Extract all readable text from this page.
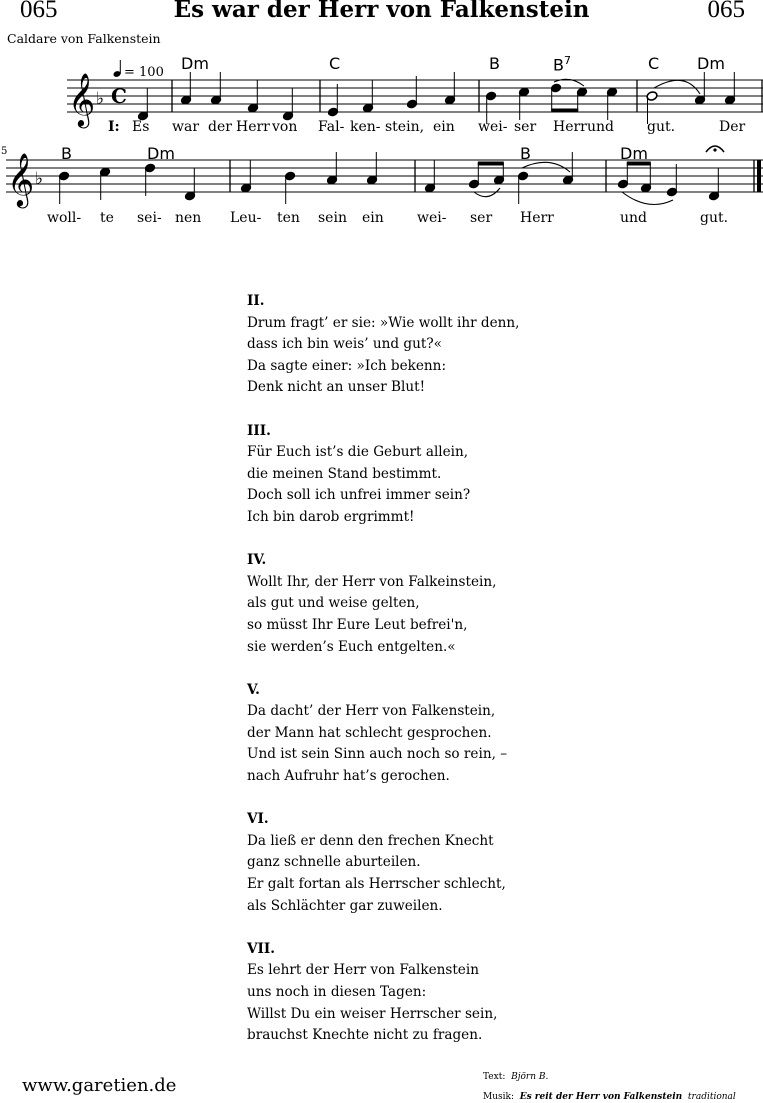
065	Es war der Herr von Falkenstein	065
Caldare von Falkenstein
𝄞
𝄞
♭
♭
C
= 100 Dm	C	B	$B^7$	C Dm
I: Es war der Herr von Fal- ken- stein, ein wei- ser Herr und gut.	Der
5	B	Dm	B	Dm
woll- te sei- nen Leu- ten sein ein wei- ser Herr	und	gut.
II.
Drum fragt’ er sie: »Wie wollt ihr denn,
dass ich bin weis’ und gut?«
Da sagte einer: »Ich bekenn:
Denk nicht an unser Blut!
III.
Für Euch ist’s die Geburt allein,
die meinen Stand bestimmt.
Doch soll ich unfrei immer sein?
Ich bin darob ergrimmt!
IV.
Wollt Ihr, der Herr von Falkeinstein,
als gut und weise gelten,
so müsst Ihr Eure Leut befrei'n,
sie werden’s Euch entgelten.«
V.
Da dacht’ der Herr von Falkenstein,
der Mann hat schlecht gesprochen.
Und ist sein Sinn auch noch so rein, –
nach Aufruhr hat’s gerochen.
VI.
Da ließ er denn den frechen Knecht
ganz schnelle aburteilen.
Er galt fortan als Herrscher schlecht,
als Schlächter gar zuweilen.
VII.
Es lehrt der Herr von Falkenstein
uns noch in diesen Tagen:
Willst Du ein weiser Herrscher sein,
brauchst Knechte nicht zu fragen.
www.garetien.de	Text: Björn B.
Musik: Es reit der Herr von Falkenstein traditional
